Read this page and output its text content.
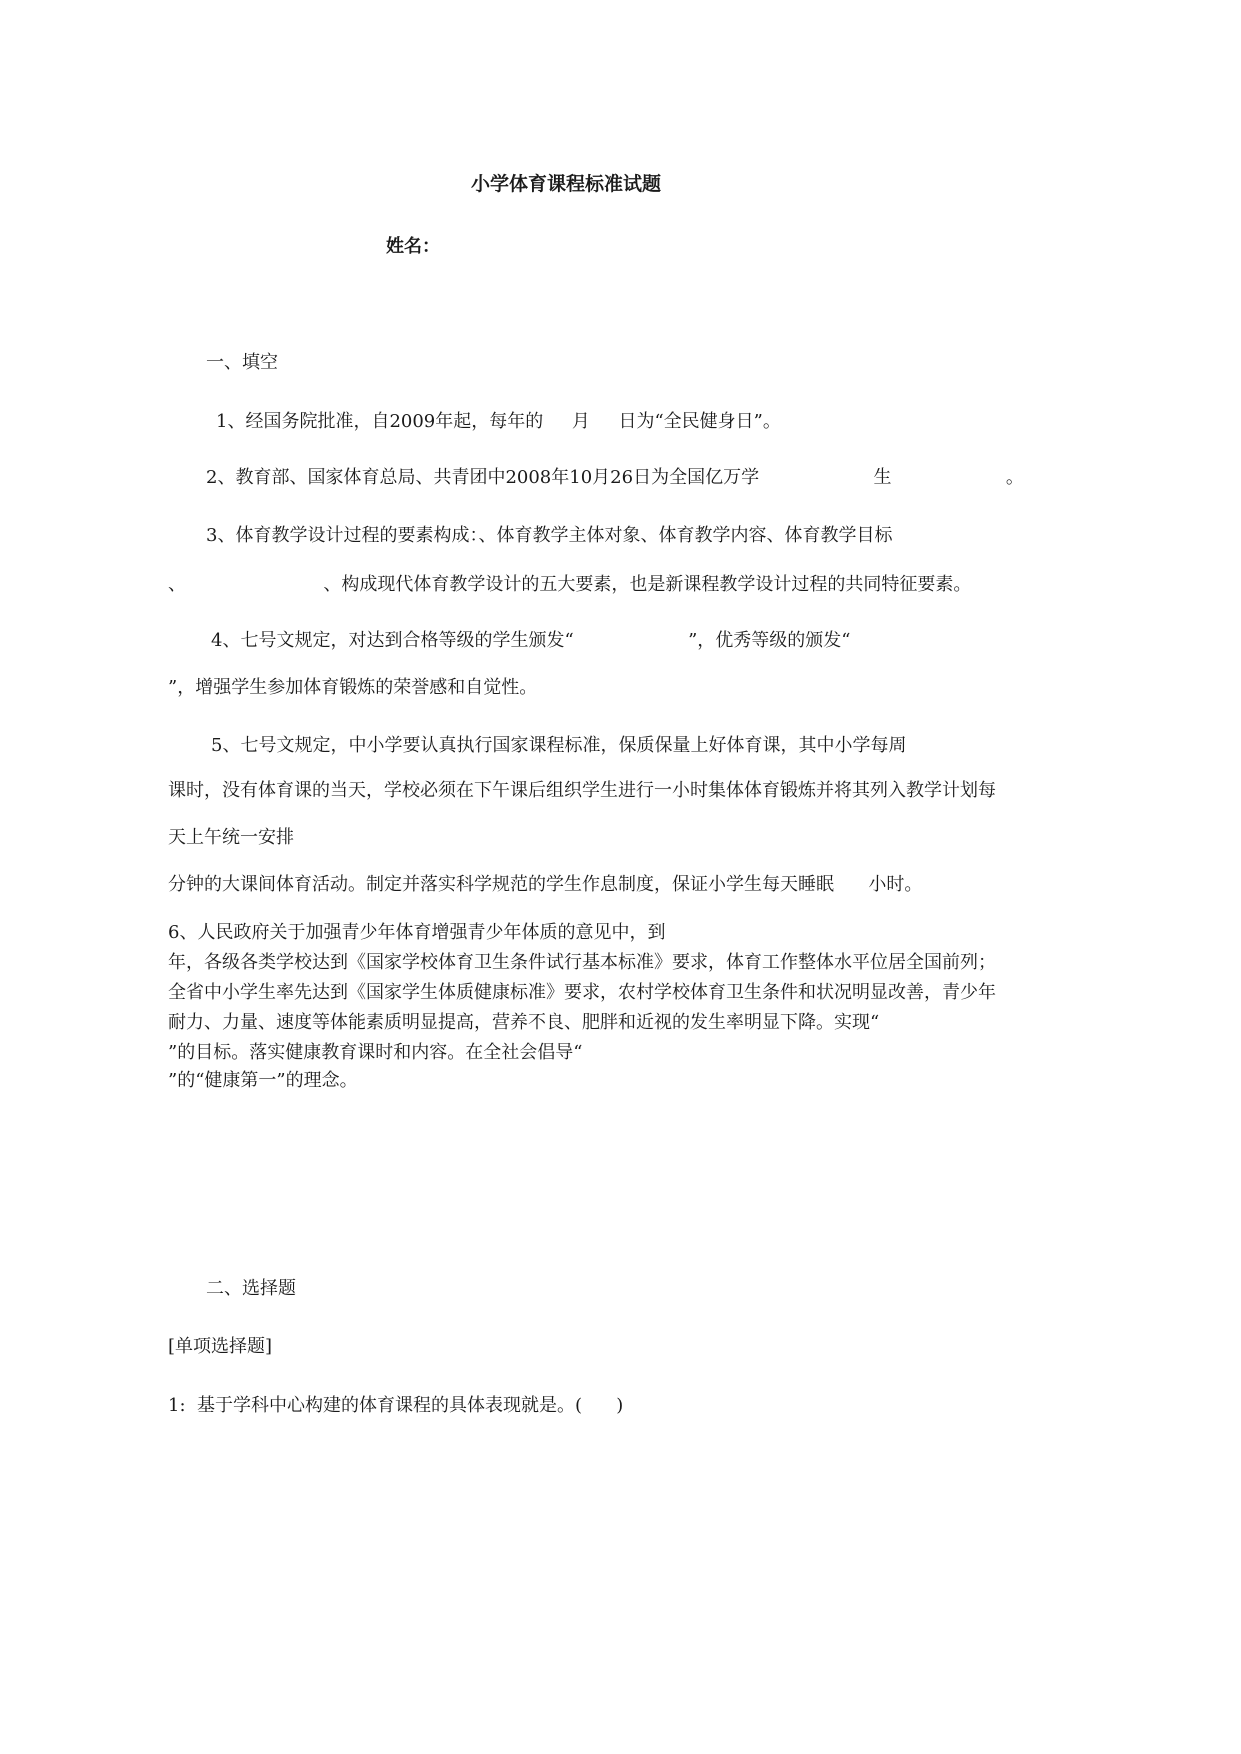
小学体育课程标准试题
姓名：
一、填空
1、经国务院批准，自2009年起，每年的     月     日为“全民健身日”。
2、教育部、国家体育总局、共青团中2008年10月26日为全国亿万学                    生                    。
3、体育教学设计过程的要素构成：、体育教学主体对象、体育教学内容、体育教学目标
、                        、构成现代体育教学设计的五大要素，也是新课程教学设计过程的共同特征要素。
4、七号文规定，对达到合格等级的学生颁发“                    ”，优秀等级的颁发“
”，增强学生参加体育锻炼的荣誉感和自觉性。
5、七号文规定，中小学要认真执行国家课程标准，保质保量上好体育课，其中小学每周
课时，没有体育课的当天，学校必须在下午课后组织学生进行一小时集体体育锻炼并将其列入教学计划每
天上午统一安排
分钟的大课间体育活动。制定并落实科学规范的学生作息制度，保证小学生每天睡眠      小时。
6、人民政府关于加强青少年体育增强青少年体质的意见中，到
年，各级各类学校达到《国家学校体育卫生条件试行基本标准》要求，体育工作整体水平位居全国前列；
全省中小学生率先达到《国家学生体质健康标准》要求，农村学校体育卫生条件和状况明显改善，青少年
耐力、力量、速度等体能素质明显提高，营养不良、肥胖和近视的发生率明显下降。实现“
”的目标。落实健康教育课时和内容。在全社会倡导“
”的“健康第一”的理念。
二、选择题
[单项选择题]
1:  基于学科中心构建的体育课程的具体表现就是。(      )
